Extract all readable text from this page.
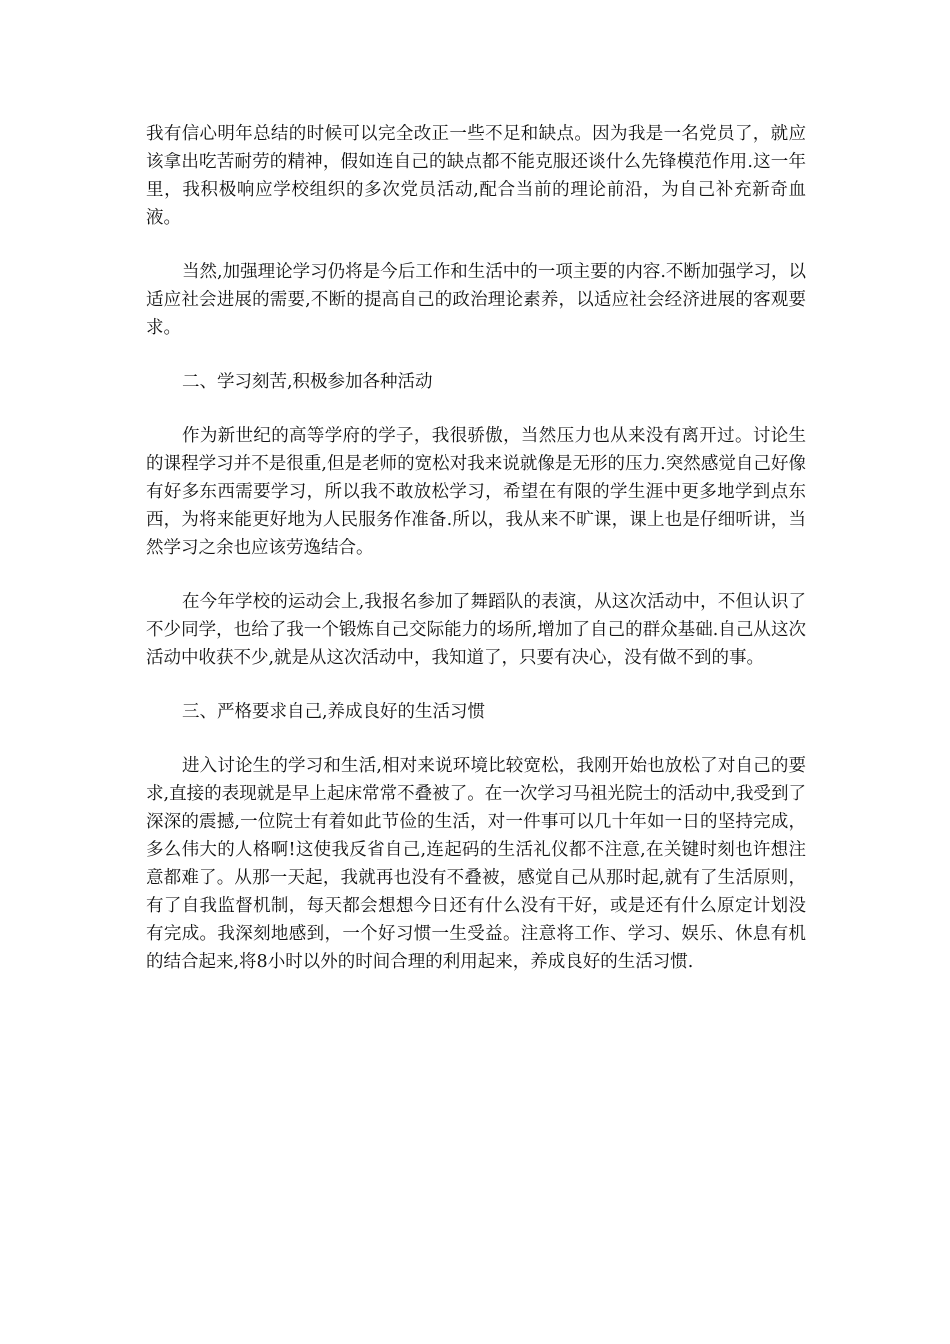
我有信心明年总结的时候可以完全改正一些不足和缺点。因为我是一名党员了，就应该拿出吃苦耐劳的精神，假如连自己的缺点都不能克服还谈什么先锋模范作用.这一年里，我积极响应学校组织的多次党员活动,配合当前的理论前沿，为自己补充新奇血液。

当然,加强理论学习仍将是今后工作和生活中的一项主要的内容.不断加强学习，以适应社会进展的需要,不断的提高自己的政治理论素养，以适应社会经济进展的客观要求。

二、学习刻苦,积极参加各种活动

作为新世纪的高等学府的学子，我很骄傲，当然压力也从来没有离开过。讨论生的课程学习并不是很重,但是老师的宽松对我来说就像是无形的压力.突然感觉自己好像有好多东西需要学习，所以我不敢放松学习，希望在有限的学生涯中更多地学到点东西，为将来能更好地为人民服务作准备.所以，我从来不旷课，课上也是仔细听讲，当然学习之余也应该劳逸结合。

在今年学校的运动会上,我报名参加了舞蹈队的表演，从这次活动中，不但认识了不少同学，也给了我一个锻炼自己交际能力的场所,增加了自己的群众基础.自己从这次活动中收获不少,就是从这次活动中，我知道了，只要有决心，没有做不到的事。

三、严格要求自己,养成良好的生活习惯

进入讨论生的学习和生活,相对来说环境比较宽松，我刚开始也放松了对自己的要求,直接的表现就是早上起床常常不叠被了。在一次学习马祖光院士的活动中,我受到了深深的震撼,一位院士有着如此节俭的生活，对一件事可以几十年如一日的坚持完成，多么伟大的人格啊!这使我反省自己,连起码的生活礼仪都不注意,在关键时刻也许想注意都难了。从那一天起，我就再也没有不叠被，感觉自己从那时起,就有了生活原则，有了自我监督机制，每天都会想想今日还有什么没有干好，或是还有什么原定计划没有完成。我深刻地感到，一个好习惯一生受益。注意将工作、学习、娱乐、休息有机的结合起来,将8小时以外的时间合理的利用起来，养成良好的生活习惯.
